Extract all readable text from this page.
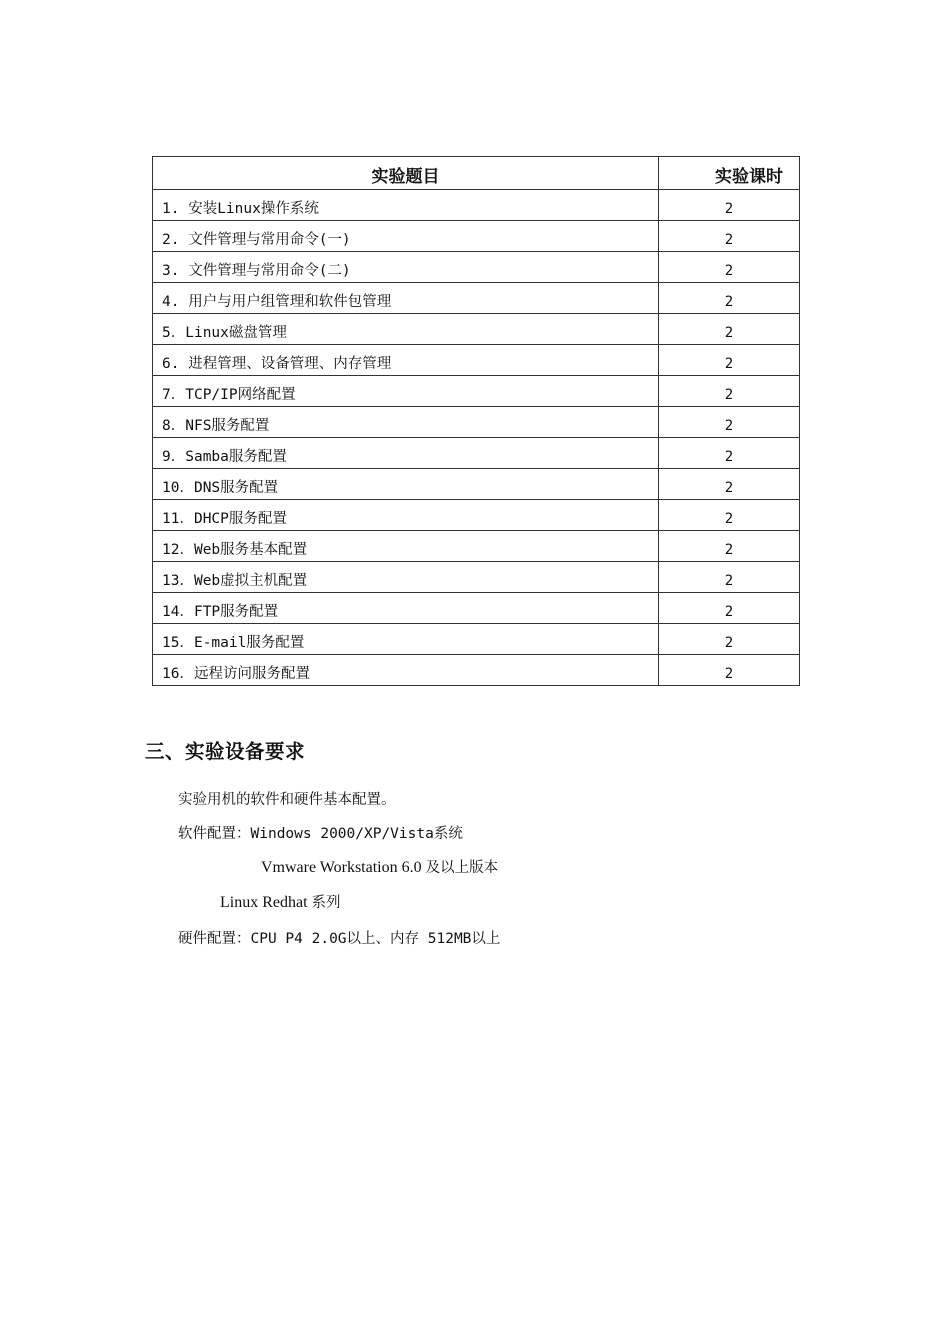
实验题目	实验课时
1. 安装Linux操作系统	2
2. 文件管理与常用命令(一)	2
3. 文件管理与常用命令(二)	2
4. 用户与用户组管理和软件包管理	2
5．Linux磁盘管理	2
6. 进程管理、设备管理、内存管理	2
7．TCP/IP网络配置	2
8．NFS服务配置	2
9．Samba服务配置	2
10．DNS服务配置	2
11．DHCP服务配置	2
12．Web服务基本配置	2
13．Web虚拟主机配置	2
14．FTP服务配置	2
15．E-mail服务配置	2
16．远程访问服务配置	2
三、实验设备要求
实验用机的软件和硬件基本配置。
软件配置：Windows 2000/XP/Vista系统
Vmware Workstation 6.0 及以上版本
Linux Redhat 系列
硬件配置：CPU P4 2.0G以上、内存 512MB以上
